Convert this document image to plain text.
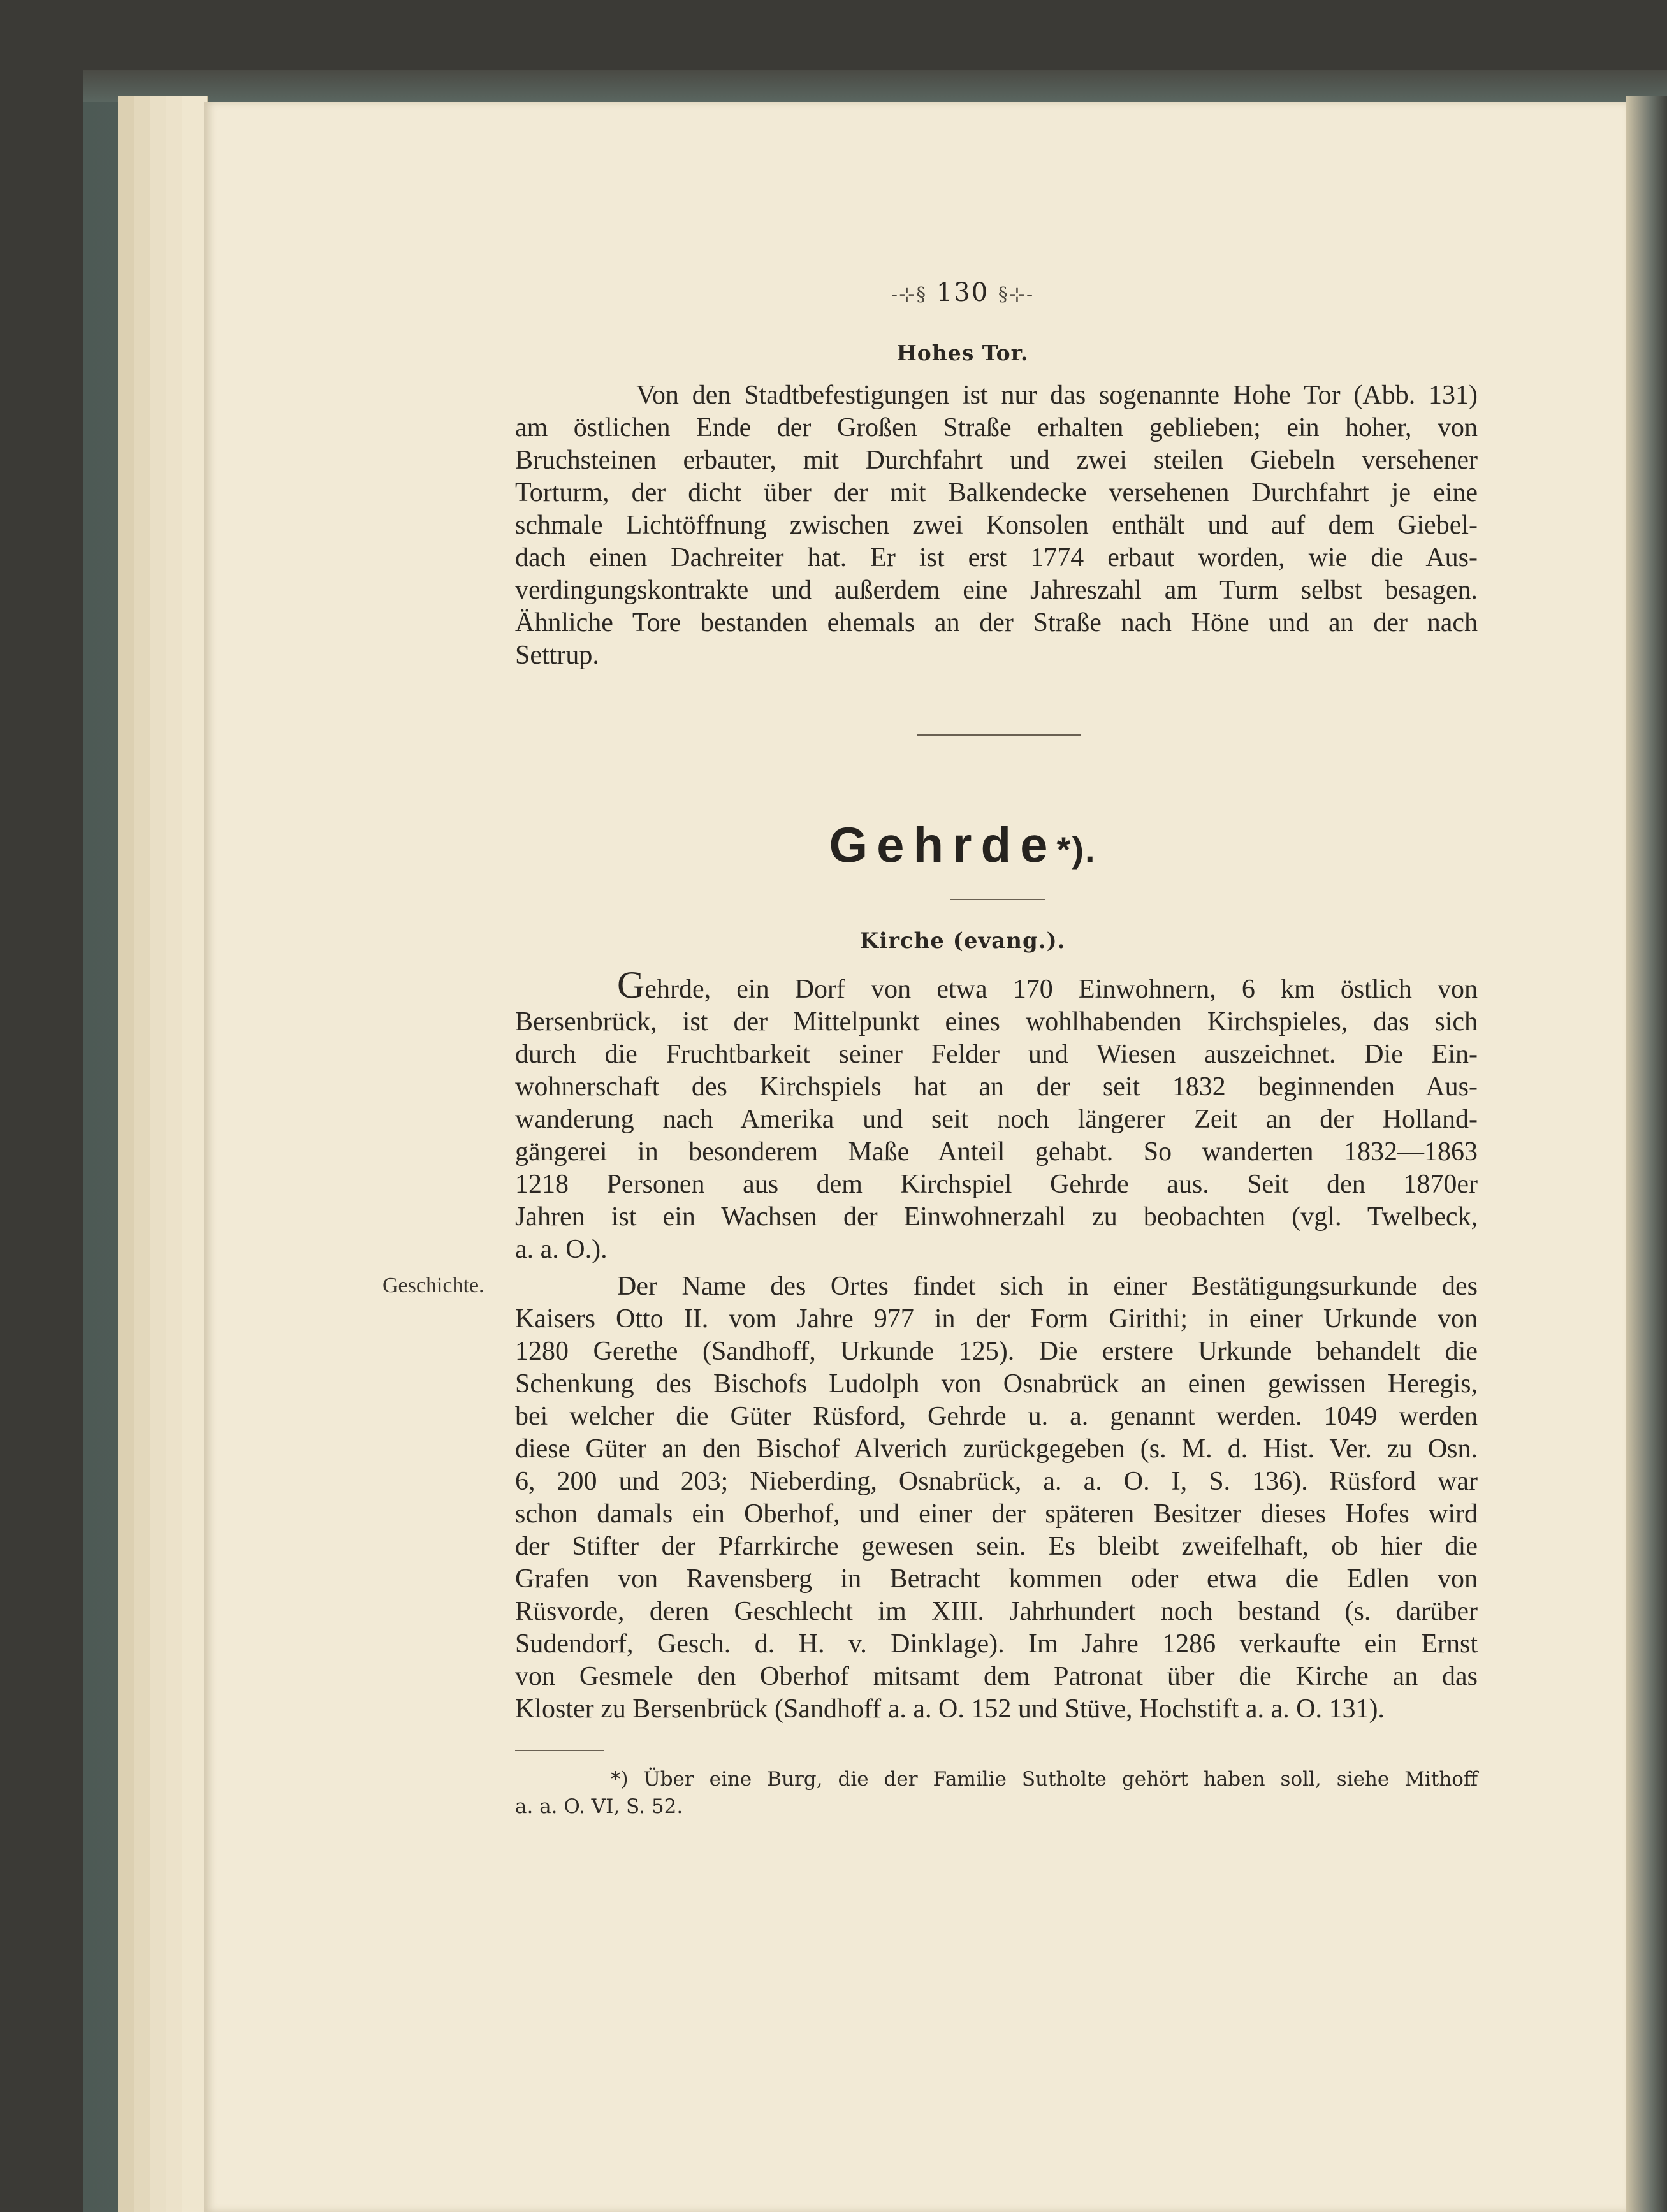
-⊹§ 130 §⊹-
Hohes Tor.

Von den Stadtbefestigungen ist nur das sogenannte Hohe Tor (Abb. 131)

am östlichen Ende der Großen Straße erhalten geblieben; ein hoher, von

Bruchsteinen erbauter, mit Durchfahrt und zwei steilen Giebeln versehener

Torturm, der dicht über der mit Balkendecke versehenen Durchfahrt je eine

schmale Lichtöffnung zwischen zwei Konsolen enthält und auf dem Giebel-

dach einen Dachreiter hat. Er ist erst 1774 erbaut worden, wie die Aus-

verdingungskontrakte und außerdem eine Jahreszahl am Turm selbst besagen.

Ähnliche Tore bestanden ehemals an der Straße nach Höne und an der nach

Settrup.

Gehrde*).
Kirche (evang.).

Gehrde, ein Dorf von etwa 170 Einwohnern, 6 km östlich von

Bersenbrück, ist der Mittelpunkt eines wohlhabenden Kirchspieles, das sich

durch die Fruchtbarkeit seiner Felder und Wiesen auszeichnet. Die Ein-

wohnerschaft des Kirchspiels hat an der seit 1832 beginnenden Aus-

wanderung nach Amerika und seit noch längerer Zeit an der Holland-

gängerei in besonderem Maße Anteil gehabt. So wanderten 1832—1863

1218 Personen aus dem Kirchspiel Gehrde aus. Seit den 1870er

Jahren ist ein Wachsen der Einwohnerzahl zu beobachten (vgl. Twelbeck,

a. a. O.).

Geschichte.	Der Name des Ortes findet sich in einer Bestätigungsurkunde des

Kaisers Otto II. vom Jahre 977 in der Form Girithi; in einer Urkunde von

1280 Gerethe (Sandhoff, Urkunde 125). Die erstere Urkunde behandelt die

Schenkung des Bischofs Ludolph von Osnabrück an einen gewissen Heregis,

bei welcher die Güter Rüsford, Gehrde u. a. genannt werden. 1049 werden

diese Güter an den Bischof Alverich zurückgegeben (s. M. d. Hist. Ver. zu Osn.

6, 200 und 203; Nieberding, Osnabrück, a. a. O. I, S. 136). Rüsford war

schon damals ein Oberhof, und einer der späteren Besitzer dieses Hofes wird

der Stifter der Pfarrkirche gewesen sein. Es bleibt zweifelhaft, ob hier die

Grafen von Ravensberg in Betracht kommen oder etwa die Edlen von

Rüsvorde, deren Geschlecht im XIII. Jahrhundert noch bestand (s. darüber

Sudendorf, Gesch. d. H. v. Dinklage). Im Jahre 1286 verkaufte ein Ernst

von Gesmele den Oberhof mitsamt dem Patronat über die Kirche an das

Kloster zu Bersenbrück (Sandhoff a. a. O. 152 und Stüve, Hochstift a. a. O. 131).

*) Über eine Burg, die der Familie Sutholte gehört haben soll, siehe Mithoff

a. a. O. VI, S. 52.
